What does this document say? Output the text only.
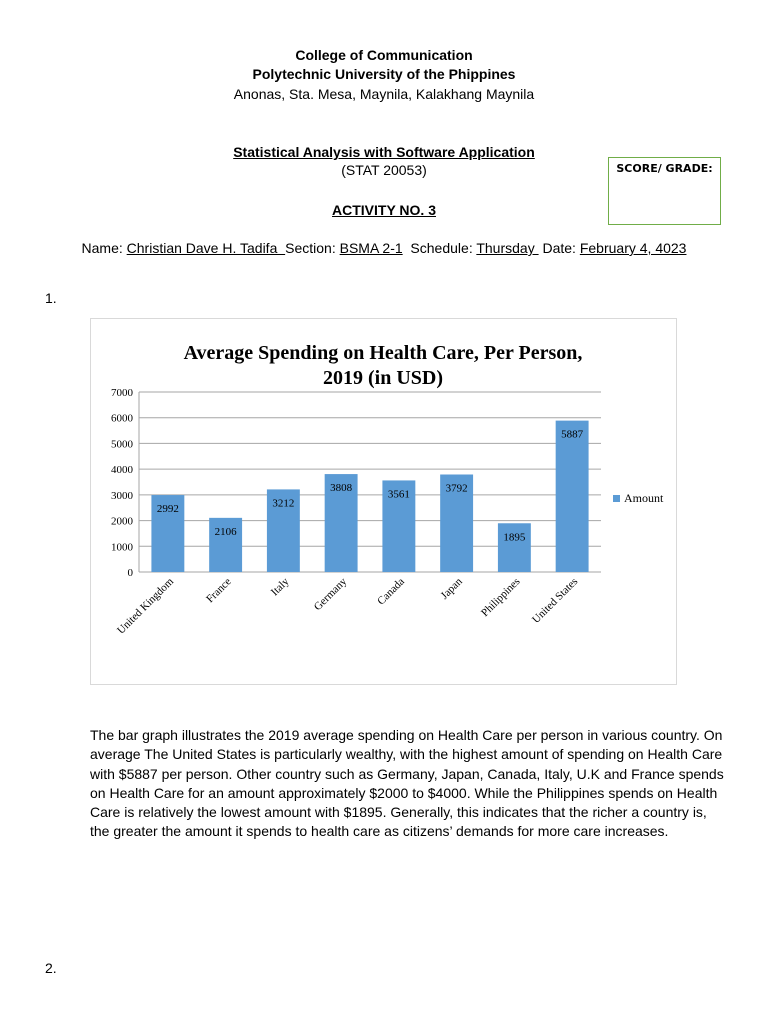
College of Communication
Polytechnic University of the Phippines
Anonas, Sta. Mesa, Maynila, Kalakhang Maynila
Statistical Analysis with Software Application
(STAT 20053)
ACTIVITY NO. 3
SCORE/ GRADE:
Name: Christian Dave H. Tadifa  Section: BSMA 2-1  Schedule: Thursday  Date: February 4, 4023
1.
Average Spending on Health Care, Per Person,
2019 (in USD)
2992
2106
3212
3808
3561	3792
1895
5887
0
1000
2000
3000
4000
5000
6000
7000
United Kingdom	France	Italy Germany Canada	Japan Philippines United States
Amount
The bar graph illustrates the 2019 average spending on Health Care per person in various country. On average The United States is particularly wealthy, with the highest amount of spending on Health Care with $5887 per person. Other country such as Germany, Japan, Canada, Italy, U.K and France spends on Health Care for an amount approximately $2000 to $4000. While the Philippines spends on Health Care is relatively the lowest amount with $1895. Generally, this indicates that the richer a country is, the greater the amount it spends to health care as citizens’ demands for more care increases.
2.
